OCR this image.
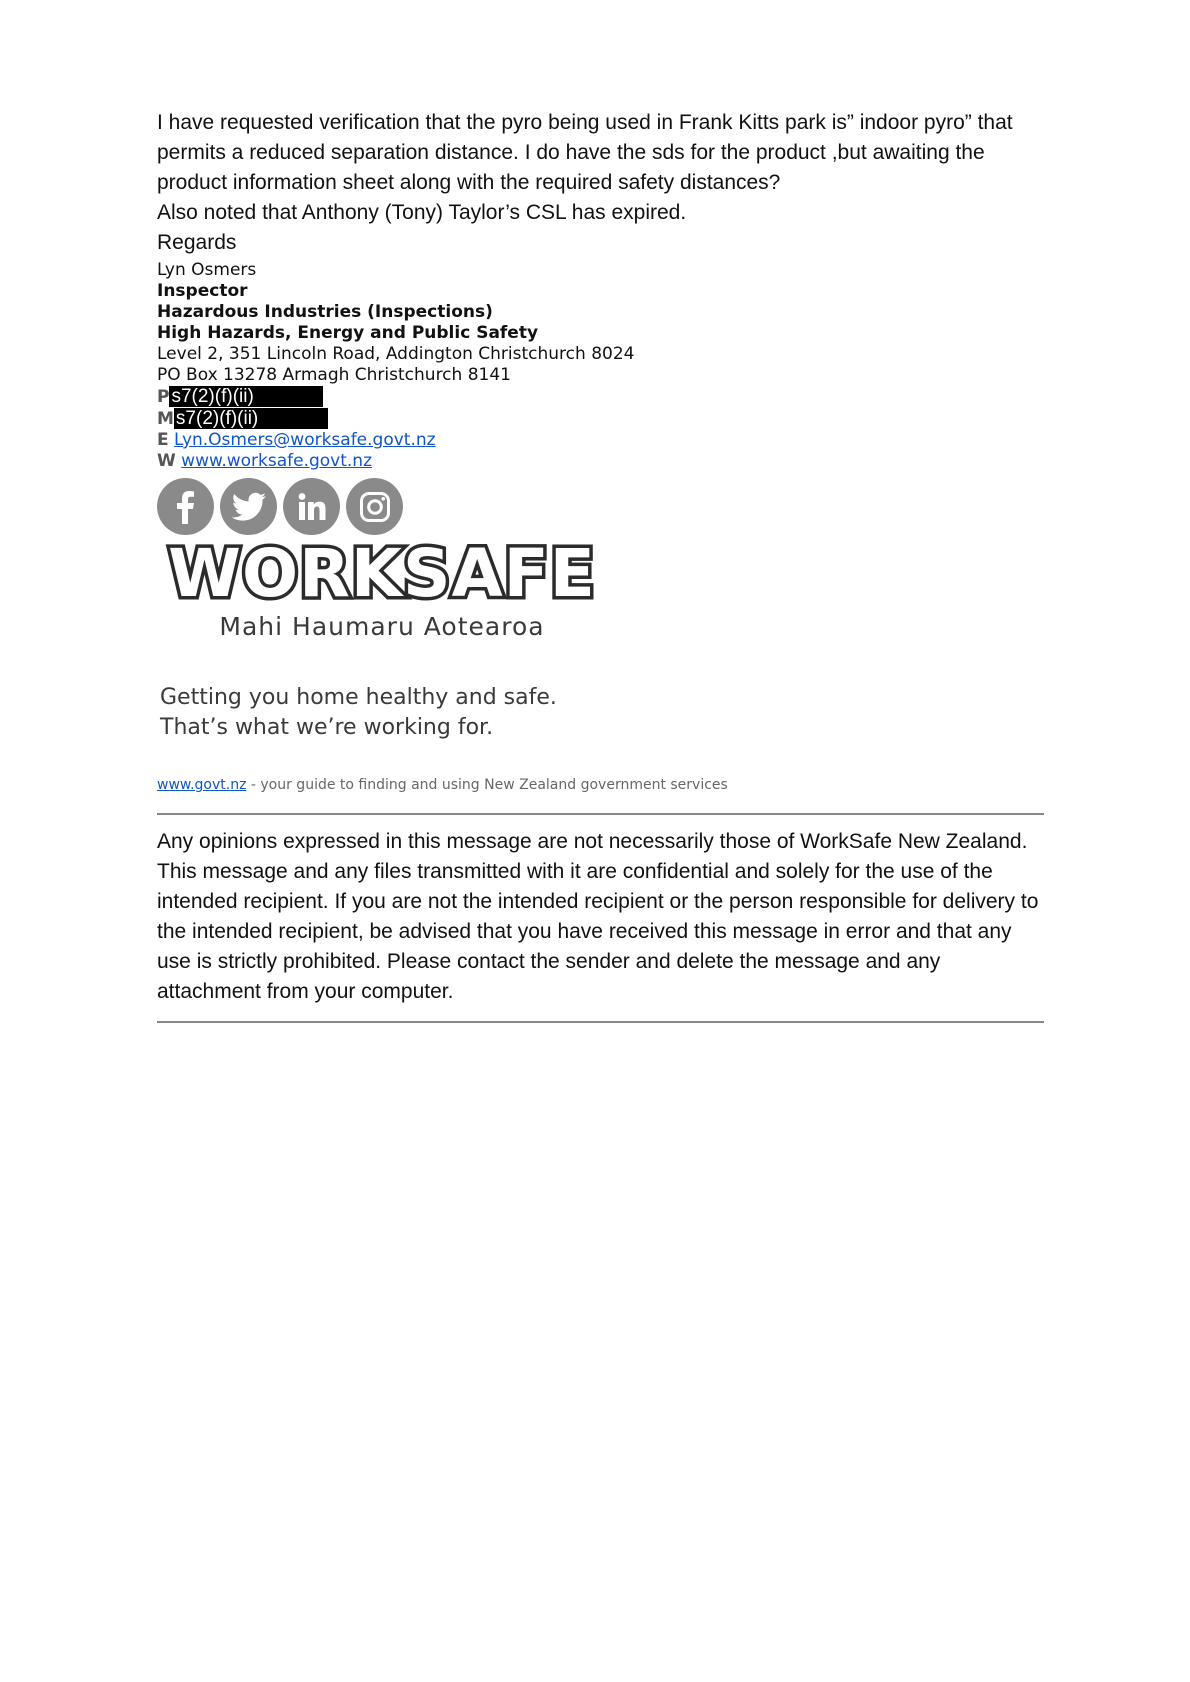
I have requested verification that the pyro being used in Frank Kitts park is” indoor pyro” that permits a reduced separation distance. I do have the sds for the product ,but awaiting the product information sheet along with the required safety distances?

Also noted that Anthony (Tony) Taylor’s CSL has expired.

Regards

Lyn Osmers
Inspector
Hazardous Industries (Inspections)
High Hazards, Energy and Public Safety
Level 2, 351 Lincoln Road, Addington Christchurch 8024
PO Box 13278 Armagh Christchurch 8141
P s7(2)(f)(ii)
M s7(2)(f)(ii)
E Lyn.Osmers@worksafe.govt.nz
W www.worksafe.govt.nz
WORKSAFE
Mahi Haumaru Aotearoa
Getting you home healthy and safe.
That’s what we’re working for.
www.govt.nz - your guide to finding and using New Zealand government services

Any opinions expressed in this message are not necessarily those of WorkSafe New Zealand. This message and any files transmitted with it are confidential and solely for the use of the intended recipient. If you are not the intended recipient or the person responsible for delivery to the intended recipient, be advised that you have received this message in error and that any use is strictly prohibited. Please contact the sender and delete the message and any attachment from your computer.
